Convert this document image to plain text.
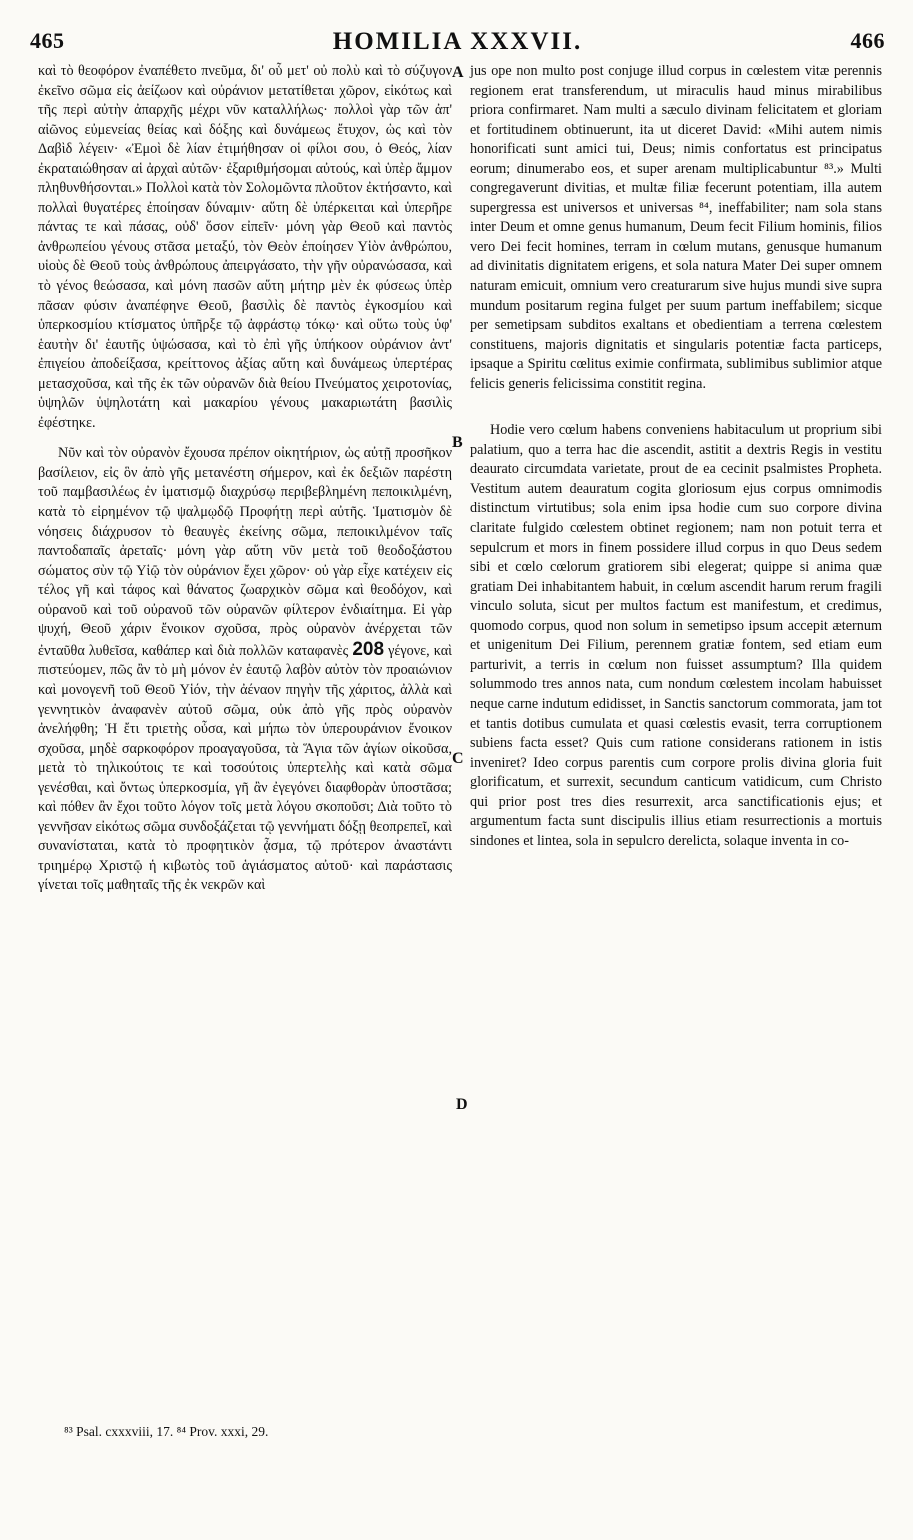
465	HOMILIA XXXVII.	466

καὶ τὸ θεοφόρον ἐναπέθετο πνεῦμα, δι' οὗ μετ' οὐ πολὺ καὶ τὸ σύζυγον ἐκεῖνο σῶμα εἰς ἀείζωον καὶ οὐράνιον μετατίθεται χῶρον, εἰκότως καὶ τῆς περὶ αὐτὴν ἀπαρχῆς μέχρι νῦν καταλλήλως· πολλοὶ γὰρ τῶν ἀπ' αἰῶνος εὐμενείας θείας καὶ δόξης καὶ δυνάμεως ἔτυχον, ὡς καὶ τὸν Δαβὶδ λέγειν· «Ἐμοὶ δὲ λίαν ἐτιμήθησαν οἱ φίλοι σου, ὁ Θεός, λίαν ἐκραταιώθησαν αἱ ἀρχαὶ αὐτῶν· ἐξαριθμήσομαι αὐτούς, καὶ ὑπὲρ ἄμμον πληθυνθήσονται.» Πολλοὶ κατὰ τὸν Σολομῶντα πλοῦτον ἐκτήσαντο, καὶ πολλαὶ θυγατέρες ἐποίησαν δύναμιν· αὕτη δὲ ὑπέρκειται καὶ ὑπερῆρε πάντας τε καὶ πάσας, οὐδ' ὅσον εἰπεῖν· μόνη γὰρ Θεοῦ καὶ παντὸς ἀνθρωπείου γένους στᾶσα μεταξύ, τὸν Θεὸν ἐποίησεν Υἱὸν ἀνθρώπου, υἱοὺς δὲ Θεοῦ τοὺς ἀνθρώπους ἀπειργάσατο, τὴν γῆν οὐρανώσασα, καὶ τὸ γένος θεώσασα, καὶ μόνη πασῶν αὕτη μήτηρ μὲν ἐκ φύσεως ὑπὲρ πᾶσαν φύσιν ἀναπέφηνε Θεοῦ, βασιλὶς δὲ παντὸς ἐγκοσμίου καὶ ὑπερκοσμίου κτίσματος ὑπῆρξε τῷ ἀφράστῳ τόκῳ· καὶ οὕτω τοὺς ὑφ' ἑαυτὴν δι' ἑαυτῆς ὑψώσασα, καὶ τὸ ἐπὶ γῆς ὑπήκοον οὐράνιον ἀντ' ἐπιγείου ἀποδείξασα, κρείττονος ἀξίας αὕτη καὶ δυνάμεως ὑπερτέρας μετασχοῦσα, καὶ τῆς ἐκ τῶν οὐρανῶν διὰ θείου Πνεύματος χειροτονίας, ὑψηλῶν ὑψηλοτάτη καὶ μακαρίου γένους μακαριωτάτη βασιλὶς ἐφέστηκε.

Νῦν καὶ τὸν οὐρανὸν ἔχουσα πρέπον οἰκητήριον, ὡς αὐτῇ προσῆκον βασίλειον, εἰς ὃν ἀπὸ γῆς μετανέστη σήμερον, καὶ ἐκ δεξιῶν παρέστη τοῦ παμβασιλέως ἐν ἱματισμῷ διαχρύσῳ περιβεβλημένη πεποικιλμένη, κατὰ τὸ εἰρημένον τῷ ψαλμῳδῷ Προφήτῃ περὶ αὐτῆς. Ἱματισμὸν δὲ νόησεις διάχρυσον τὸ θεαυγὲς ἐκείνης σῶμα, πεποικιλμένον ταῖς παντοδαπαῖς ἀρεταῖς· μόνη γὰρ αὕτη νῦν μετὰ τοῦ θεοδοξάστου σώματος σὺν τῷ Υἱῷ τὸν οὐράνιον ἔχει χῶρον· οὐ γὰρ εἶχε κατέχειν εἰς τέλος γῆ καὶ τάφος καὶ θάνατος ζωαρχικὸν σῶμα καὶ θεοδόχον, καὶ οὐρανοῦ καὶ τοῦ οὐρανοῦ τῶν οὐρανῶν φίλτερον ἐνδιαίτημα. Εἰ γὰρ ψυχή, Θεοῦ χάριν ἔνοικον σχοῦσα, πρὸς οὐρανὸν ἀνέρχεται τῶν ἐνταῦθα λυθεῖσα, καθάπερ καὶ διὰ πολλῶν καταφανὲς 208 γέγονε, καὶ πιστεύομεν, πῶς ἂν τὸ μὴ μόνον ἐν ἑαυτῷ λαβὸν αὐτὸν τὸν προαιώνιον καὶ μονογενῆ τοῦ Θεοῦ Υἱόν, τὴν ἀέναον πηγὴν τῆς χάριτος, ἀλλὰ καὶ γεννητικὸν ἀναφανὲν αὐτοῦ σῶμα, οὐκ ἀπὸ γῆς πρὸς οὐρανὸν ἀνελήφθη; Ἡ ἔτι τριετὴς οὖσα, καὶ μήπω τὸν ὑπερουράνιον ἔνοικον σχοῦσα, μηδὲ σαρκοφόρον προαγαγοῦσα, τὰ Ἅγια τῶν ἁγίων οἰκοῦσα, μετὰ τὸ τηλικούτοις τε καὶ τοσούτοις ὑπερτελὴς καὶ κατὰ σῶμα γενέσθαι, καὶ ὄντως ὑπερκοσμία, γῆ ἂν ἐγεγόνει διαφθορὰν ὑποστᾶσα; καὶ πόθεν ἂν ἔχοι τοῦτο λόγον τοῖς μετὰ λόγου σκοποῦσι; Διὰ τοῦτο τὸ γεννῆσαν εἰκότως σῶμα συνδοξάζεται τῷ γεννήματι δόξῃ θεοπρεπεῖ, καὶ συνανίσταται, κατὰ τὸ προφητικὸν ᾆσμα, τῷ πρότερον ἀναστάντι τριημέρῳ Χριστῷ ἡ κιβωτὸς τοῦ ἁγιάσματος αὐτοῦ· καὶ παράστασις γίνεται τοῖς μαθηταῖς τῆς ἐκ νεκρῶν καὶ

jus ope non multo post conjuge illud corpus in cœlestem vitæ perennis regionem erat transferendum, ut miraculis haud minus mirabilibus priora confirmaret. Nam multi a sæculo divinam felicitatem et gloriam et fortitudinem obtinuerunt, ita ut diceret David: «Mihi autem nimis honorificati sunt amici tui, Deus; nimis confortatus est principatus eorum; dinumerabo eos, et super arenam multiplicabuntur ⁸³.» Multi congregaverunt divitias, et multæ filiæ fecerunt potentiam, illa autem supergressa est universos et universas ⁸⁴, ineffabiliter; nam sola stans inter Deum et omne genus humanum, Deum fecit Filium hominis, filios vero Dei fecit homines, terram in cœlum mutans, genusque humanum ad divinitatis dignitatem erigens, et sola natura Mater Dei super omnem naturam emicuit, omnium vero creaturarum sive hujus mundi sive supra mundum positarum regina fulget per suum partum ineffabilem; sicque per semetipsam subditos exaltans et obedientiam a terrena cœlestem constituens, majoris dignitatis et singularis potentiæ facta particeps, ipsaque a Spiritu cœlitus eximie confirmata, sublimibus sublimior atque felicis generis felicissima constitit regina.

Hodie vero cœlum habens conveniens habitaculum ut proprium sibi palatium, quo a terra hac die ascendit, astitit a dextris Regis in vestitu deaurato circumdata varietate, prout de ea cecinit psalmistes Propheta. Vestitum autem deauratum cogita gloriosum ejus corpus omnimodis distinctum virtutibus; sola enim ipsa hodie cum suo corpore divina claritate fulgido cœlestem obtinet regionem; nam non potuit terra et sepulcrum et mors in finem possidere illud corpus in quo Deus sedem sibi et cœlo cœlorum gratiorem sibi elegerat; quippe si anima quæ gratiam Dei inhabitantem habuit, in cœlum ascendit harum rerum fragili vinculo soluta, sicut per multos factum est manifestum, et credimus, quomodo corpus, quod non solum in semetipso ipsum accepit æternum et unigenitum Dei Filium, perennem gratiæ fontem, sed etiam eum parturivit, a terris in cœlum non fuisset assumptum? Illa quidem solummodo tres annos nata, cum nondum cœlestem incolam habuisset neque carne indutum edidisset, in Sanctis sanctorum commorata, jam tot et tantis dotibus cumulata et quasi cœlestis evasit, terra corruptionem subiens facta esset? Quis cum ratione considerans rationem in istis inveniret? Ideo corpus parentis cum corpore prolis divina gloria fuit glorificatum, et surrexit, secundum canticum vatidicum, cum Christo qui prior post tres dies resurrexit, arca sanctificationis ejus; et argumentum facta sunt discipulis illius etiam resurrectionis a mortuis sindones et lintea, sola in sepulcro derelicta, solaque inventa in co-

A
B
C
D
⁸³ Psal. cxxxviii, 17. ⁸⁴ Prov. xxxi, 29.
